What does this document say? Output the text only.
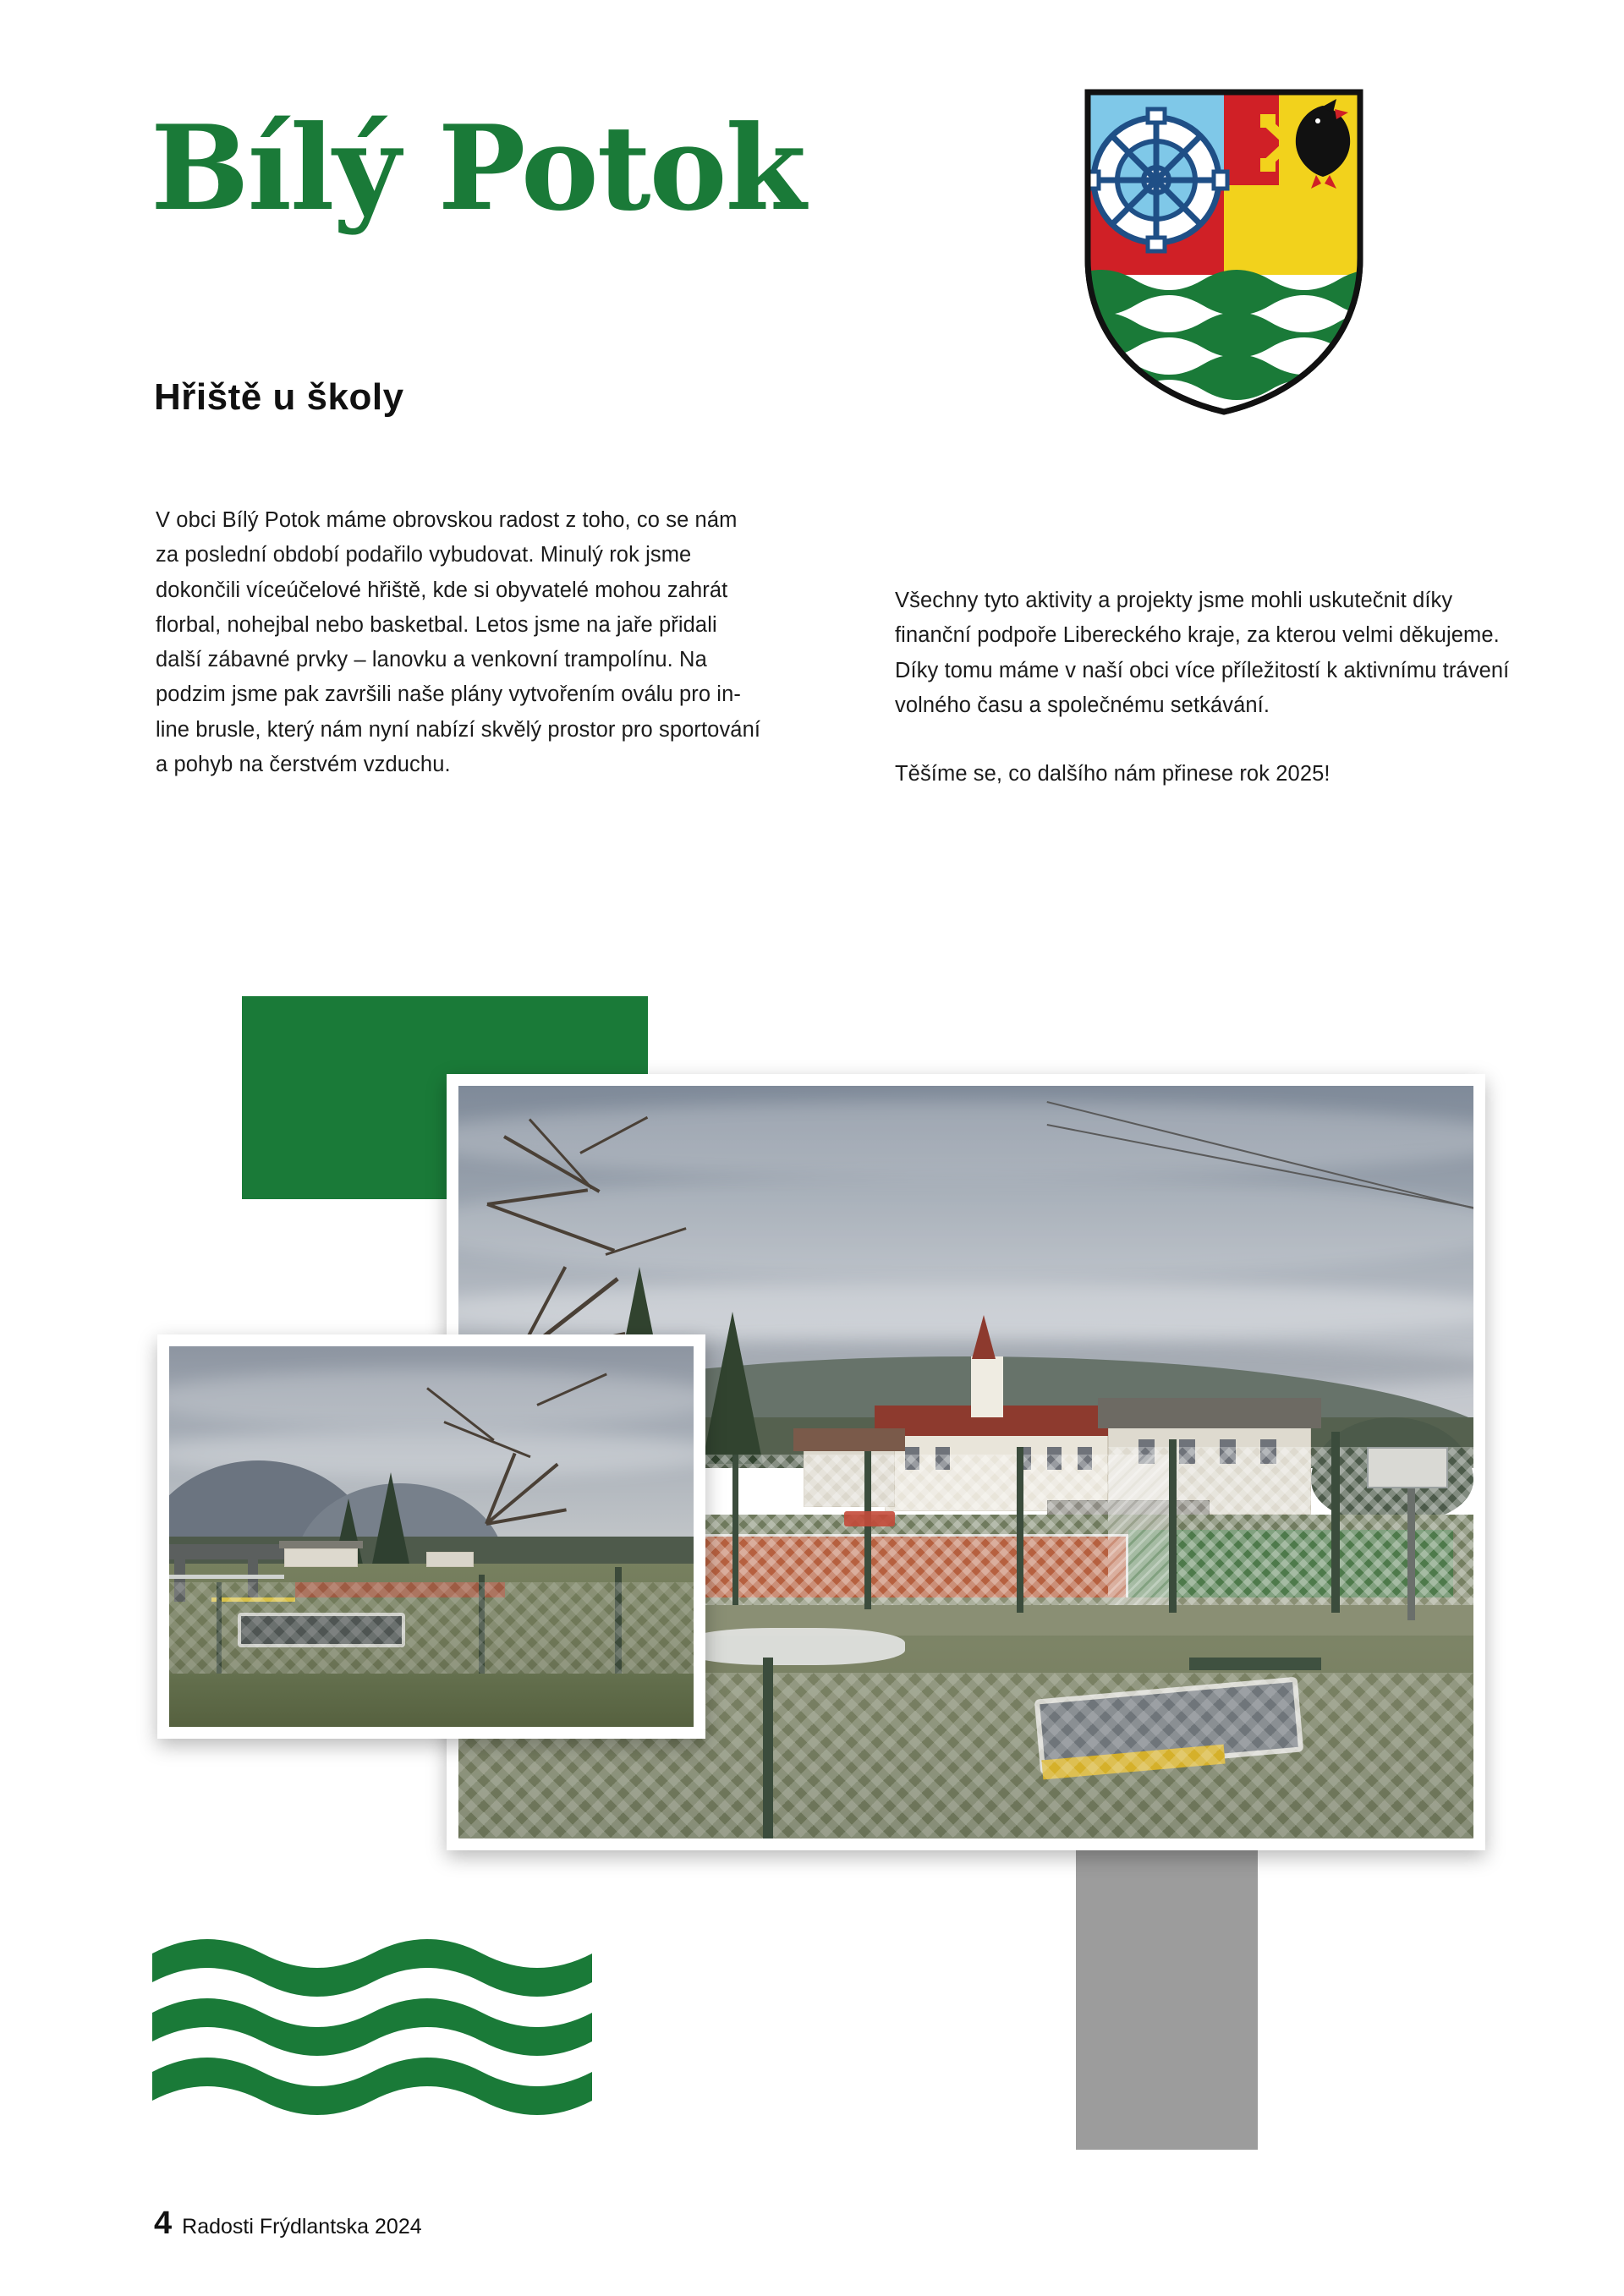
Bílý Potok
Hřiště u školy

V obci Bílý Potok máme obrovskou radost z toho, co se nám za poslední období podařilo vybudovat. Minulý rok jsme dokončili víceúčelové hřiště, kde si obyvatelé mohou zahrát florbal, nohejbal nebo basketbal. Letos jsme na jaře přidali další zábavné prvky – lanovku a venkovní trampolínu. Na podzim jsme pak završili naše plány vytvořením oválu pro in-line brusle, který nám nyní nabízí skvělý prostor pro sportování a pohyb na čerstvém vzduchu.

Všechny tyto aktivity a projekty jsme mohli uskutečnit díky finanční podpoře Libereckého kraje, za kterou velmi děkujeme. Díky tomu máme v naší obci více příležitostí k aktivnímu trávení volného času a společnému setkávání.

Těšíme se, co dalšího nám přinese rok 2025!

4 Radosti Frýdlantska 2024
